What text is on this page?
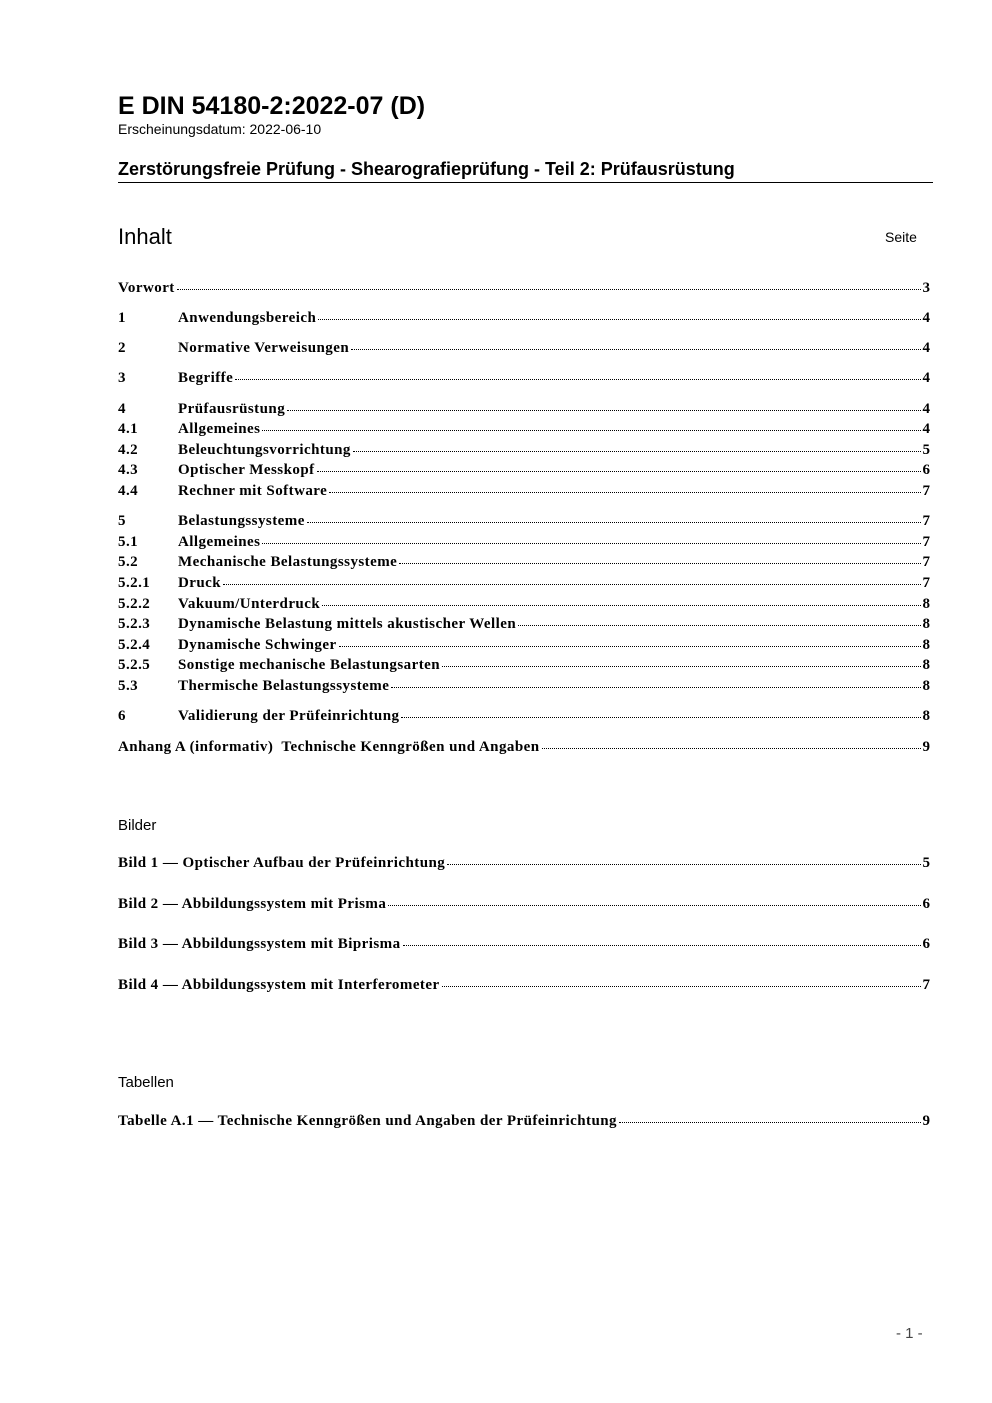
E DIN 54180-2:2022-07 (D)
Erscheinungsdatum: 2022-06-10
Zerstörungsfreie Prüfung - Shearografieprüfung - Teil 2: Prüfausrüstung
Inhalt	Seite
Vorwort	3
1	Anwendungsbereich	4
2	Normative Verweisungen	4
3	Begriffe	4
4	Prüfausrüstung	4
4.1	Allgemeines	4
4.2	Beleuchtungsvorrichtung	5
4.3	Optischer Messkopf	6
4.4	Rechner mit Software	7
5	Belastungssysteme	7
5.1	Allgemeines	7
5.2	Mechanische Belastungssysteme	7
5.2.1	Druck	7
5.2.2	Vakuum/Unterdruck	8
5.2.3	Dynamische Belastung mittels akustischer Wellen	8
5.2.4	Dynamische Schwinger	8
5.2.5	Sonstige mechanische Belastungsarten	8
5.3	Thermische Belastungssysteme	8
6	Validierung der Prüfeinrichtung	8
Anhang A (informativ)  Technische Kenngrößen und Angaben	9
Bilder
Bild 1 — Optischer Aufbau der Prüfeinrichtung	5
Bild 2 — Abbildungssystem mit Prisma	6
Bild 3 — Abbildungssystem mit Biprisma	6
Bild 4 — Abbildungssystem mit Interferometer	7
Tabellen
Tabelle A.1 — Technische Kenngrößen und Angaben der Prüfeinrichtung	9
- 1 -
